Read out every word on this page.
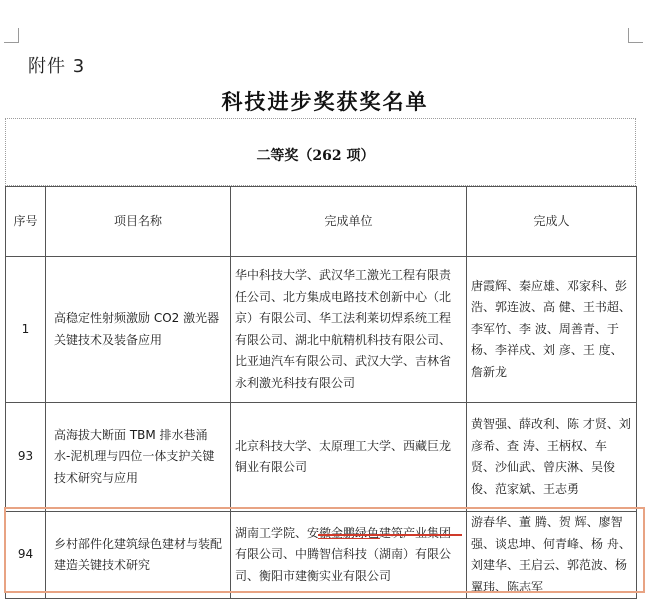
附件 3
科技进步奖获奖名单
二等奖（262 项）
序号	项目名称	完成单位	完成人
1	高稳定性射频激励 CO2 激光器关键技术及装备应用	华中科技大学、武汉华工激光工程有限责任公司、北方集成电路技术创新中心（北京）有限公司、华工法利莱切焊系统工程有限公司、湖北中航精机科技有限公司、比亚迪汽车有限公司、武汉大学、吉林省永利激光科技有限公司	唐霞辉、秦应雄、邓家科、彭 浩、郭连波、高 健、王书超、李军竹、李 波、周善青、于 杨、李祥戍、刘 彦、王 度、詹新龙
93	高海拔大断面 TBM 排水巷涌水-泥机理与四位一体支护关键技术研究与应用	北京科技大学、太原理工大学、西藏巨龙铜业有限公司	黄智强、薛改利、陈 才贤、刘彦希、查 涛、王柄权、车 贤、沙仙武、曾庆淋、吴俊俊、范家斌、王志勇
94	乡村部件化建筑绿色建材与装配建造关键技术研究	湖南工学院、安徽金鹏绿色建筑产业集团有限公司、中腾智信科技（湖南）有限公司、衡阳市建衡实业有限公司	游春华、董 腾、贺 辉、廖智强、谈忠坤、何青峰、杨 舟、刘建华、王启云、郭范波、杨翼玮、陈志军
